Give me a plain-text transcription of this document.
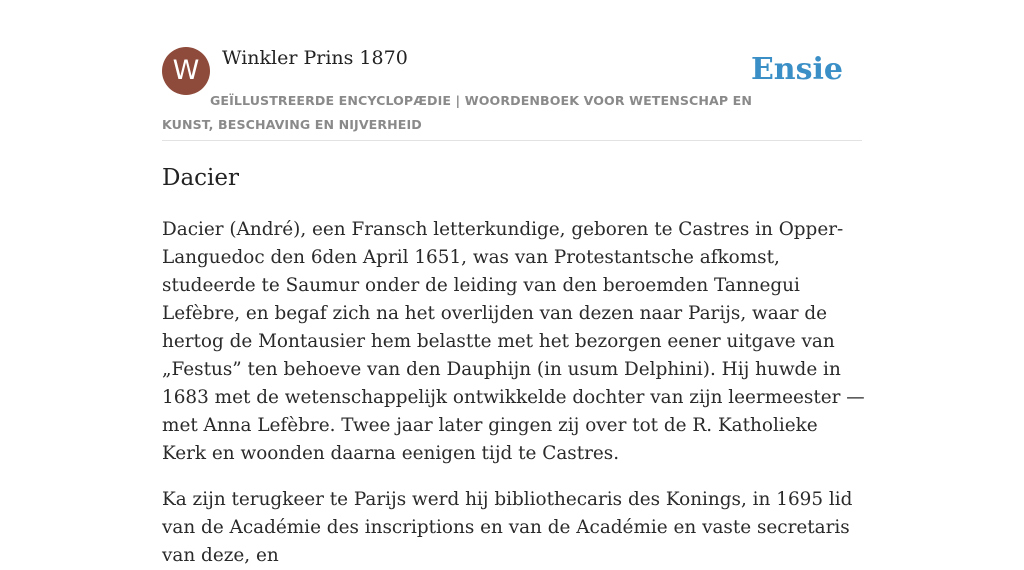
W	Winkler Prins 1870	Ensie
GEÏLLUSTREERDE ENCYCLOPÆDIE | WOORDENBOEK VOOR WETENSCHAP EN KUNST, BESCHAVING EN NIJVERHEID
Dacier

Dacier (André), een Fransch letterkundige, geboren te Castres in Opper-Languedoc den 6den April 1651, was van Protestantsche afkomst, studeerde te Saumur onder de leiding van den beroemden Tannegui Lefèbre, en begaf zich na het overlijden van dezen naar Parijs, waar de hertog de Montausier hem belastte met het bezorgen eener uitgave van „Festus” ten behoeve van den Dauphijn (in usum Delphini). Hij huwde in 1683 met de wetenschappelijk ontwikkelde dochter van zijn leermeester — met Anna Lefèbre. Twee jaar later gingen zij over tot de R. Katholieke Kerk en woonden daarna eenigen tijd te Castres.

Ka zijn terugkeer te Parijs werd hij bibliothecaris des Konings, in 1695 lid van de Académie des inscriptions en van de Académie en vaste secretaris van deze, en
